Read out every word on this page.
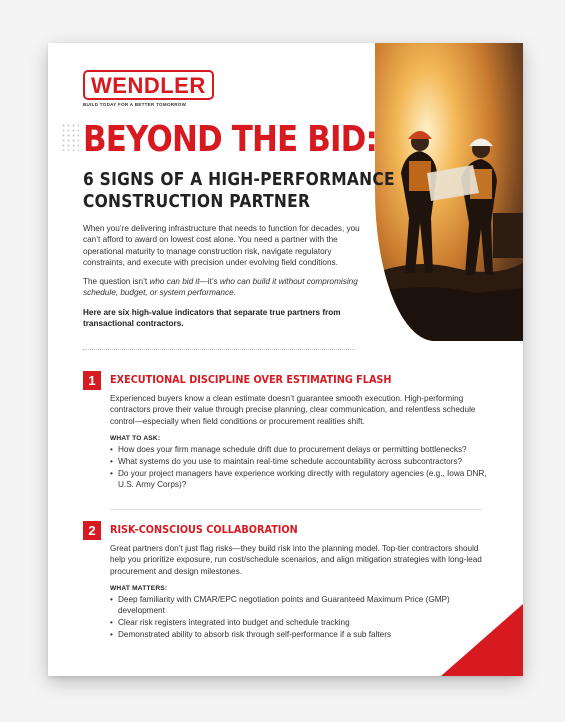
WENDLER
BUILD TODAY FOR A BETTER TOMORROW
BEYOND THE BID:
6 SIGNS OF A HIGH-PERFORMANCE
CONSTRUCTION PARTNER

When you’re delivering infrastructure that needs to function for decades, you can’t afford to award on lowest cost alone. You need a partner with the operational maturity to manage construction risk, navigate regulatory constraints, and execute with precision under evolving field conditions.

The question isn’t who can bid it—it’s who can build it without compromising schedule, budget, or system performance.

Here are six high-value indicators that separate true partners from transactional contractors.

1	EXECUTIONAL DISCIPLINE OVER ESTIMATING FLASH

Experienced buyers know a clean estimate doesn’t guarantee smooth execution. High-performing contractors prove their value through precise planning, clear communication, and relentless schedule control—especially when field conditions or procurement realities shift.

WHAT TO ASK:
• How does your firm manage schedule drift due to procurement delays or permitting bottlenecks?
• What systems do you use to maintain real-time schedule accountability across subcontractors?
• Do your project managers have experience working directly with regulatory agencies (e.g., Iowa DNR, U.S. Army Corps)?
2	RISK-CONSCIOUS COLLABORATION

Great partners don’t just flag risks—they build risk into the planning model. Top-tier contractors should help you prioritize exposure, run cost/schedule scenarios, and align mitigation strategies with long-lead procurement and design milestones.

WHAT MATTERS:
• Deep familiarity with CMAR/EPC negotiation points and Guaranteed Maximum Price (GMP) development
• Clear risk registers integrated into budget and schedule tracking
• Demonstrated ability to absorb risk through self-performance if a sub falters
